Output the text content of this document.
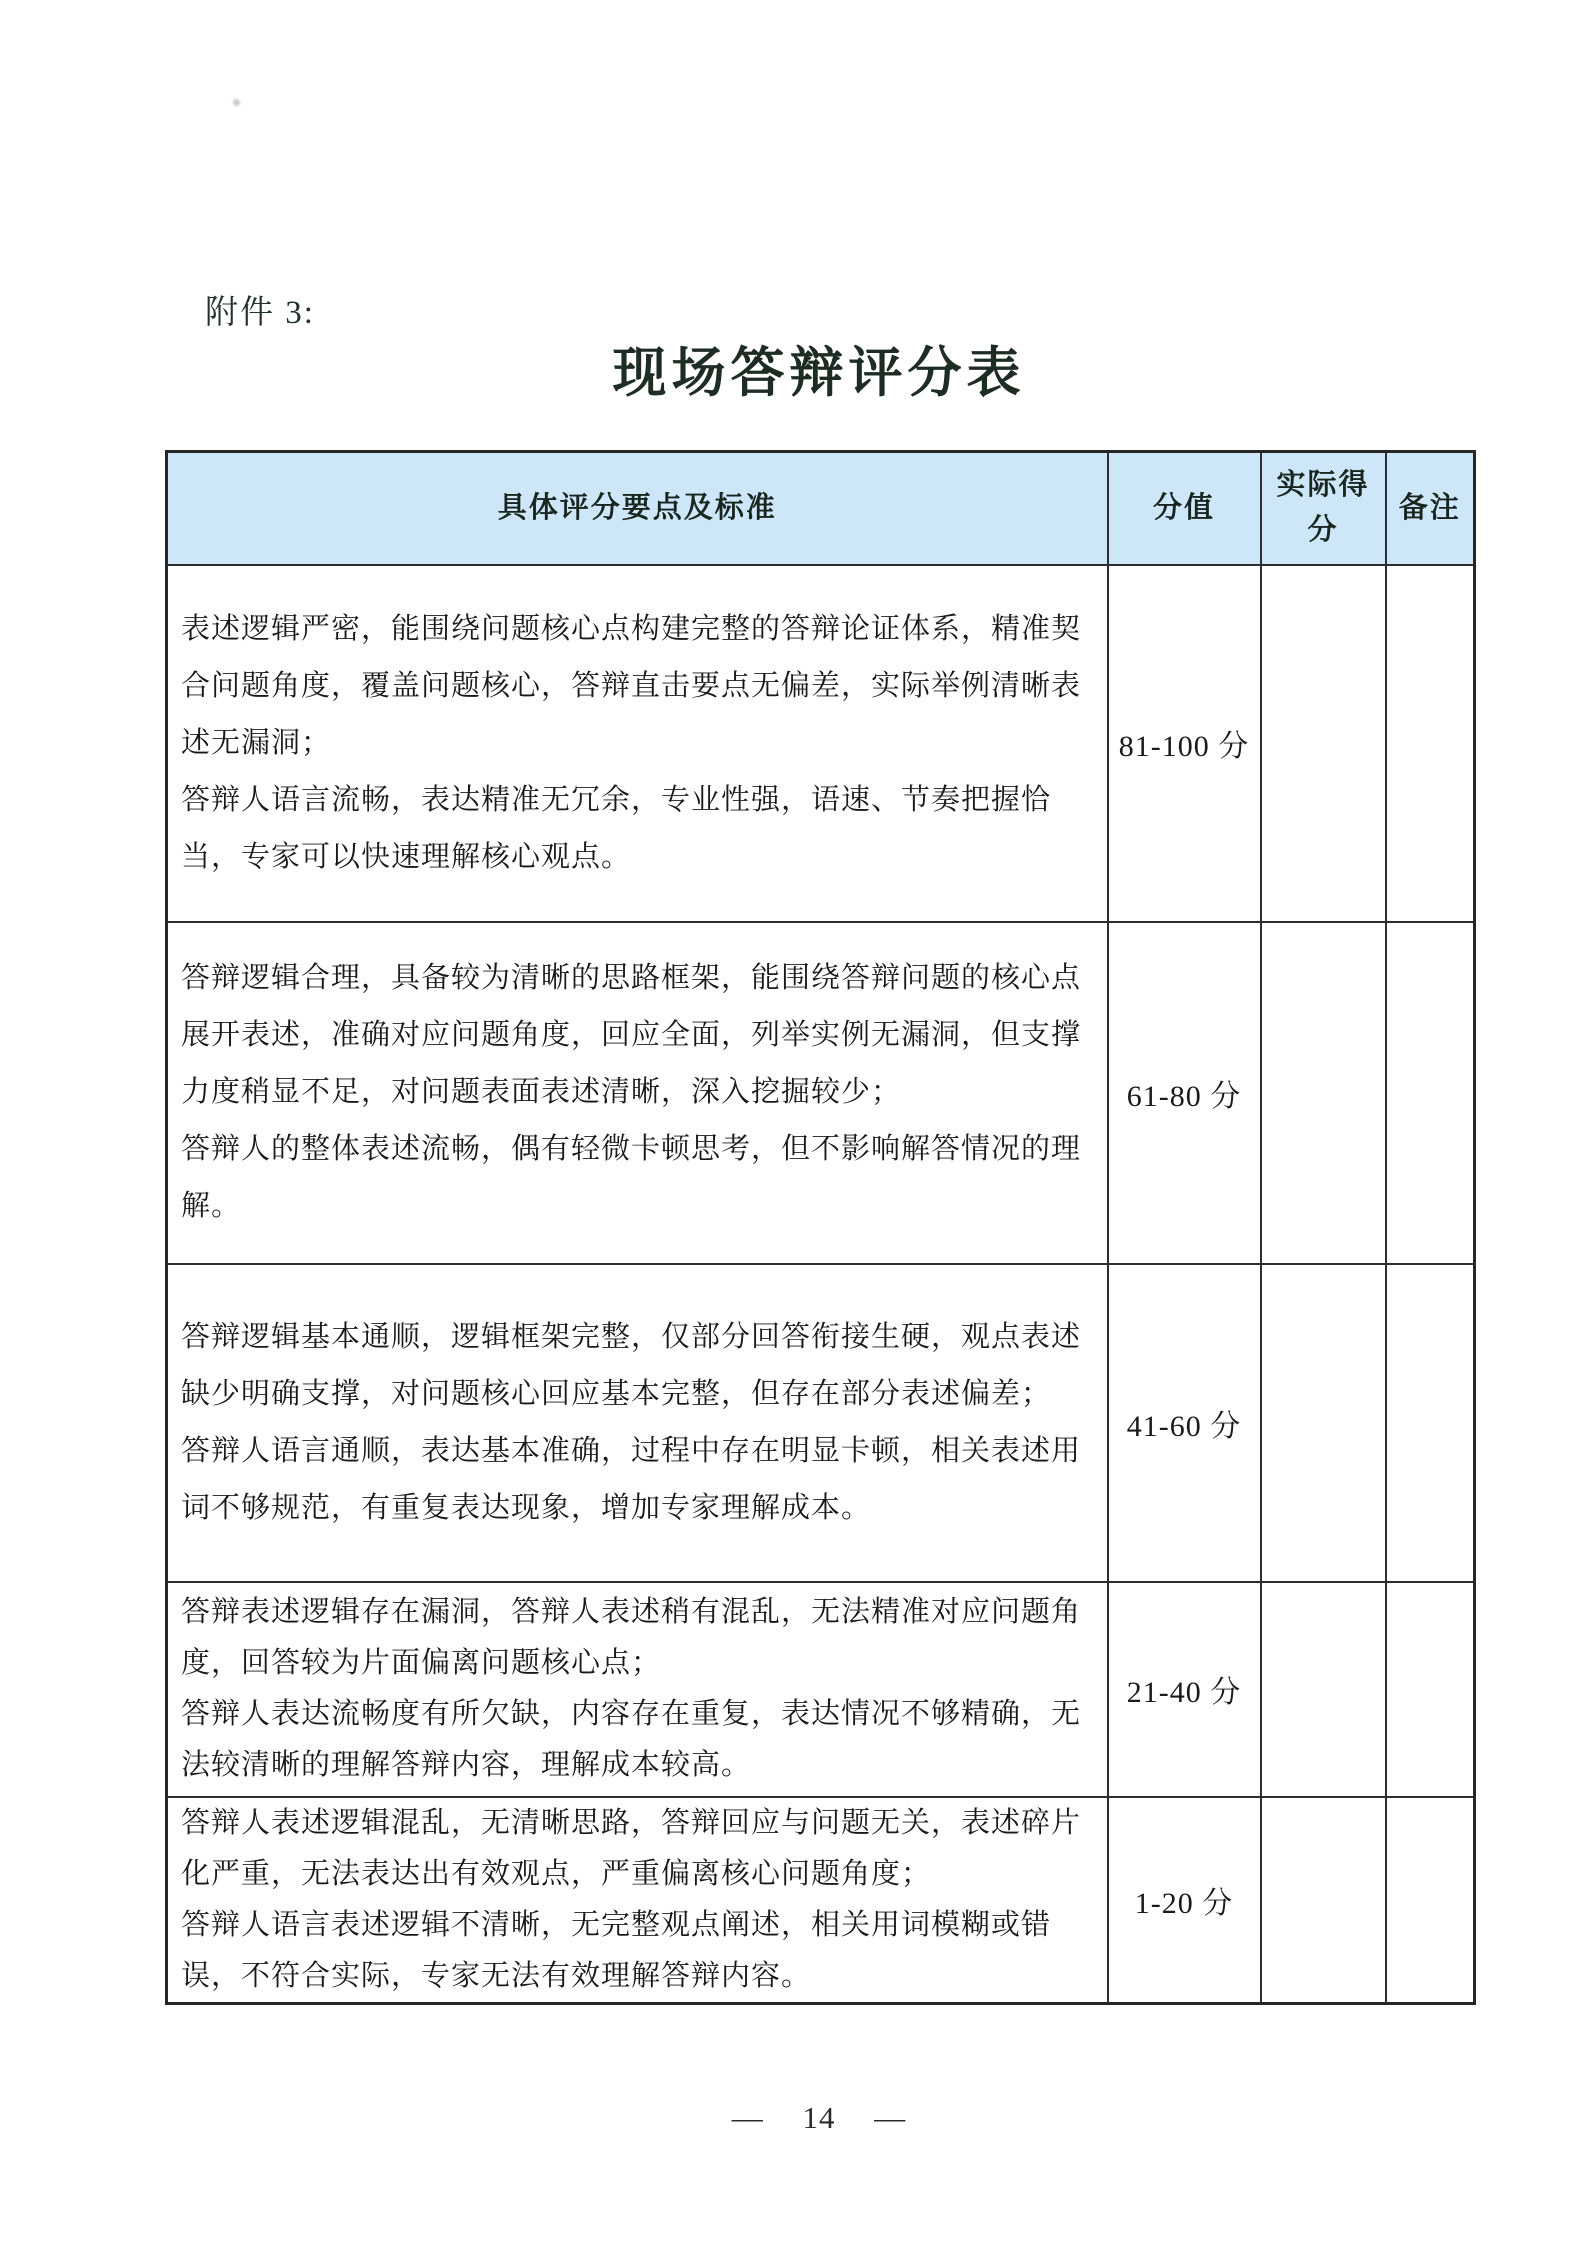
附件 3:
现场答辩评分表
具体评分要点及标准	分值	实际得分	备注

表述逻辑严密，能围绕问题核心点构建完整的答辩论证体系，精准契合问题角度，覆盖问题核心，答辩直击要点无偏差，实际举例清晰表述无漏洞；

答辩人语言流畅，表达精准无冗余，专业性强，语速、节奏把握恰当，专家可以快速理解核心观点。	81-100 分		

答辩逻辑合理，具备较为清晰的思路框架，能围绕答辩问题的核心点展开表述，准确对应问题角度，回应全面，列举实例无漏洞，但支撑力度稍显不足，对问题表面表述清晰，深入挖掘较少；

答辩人的整体表述流畅，偶有轻微卡顿思考，但不影响解答情况的理解。	61-80 分		

答辩逻辑基本通顺，逻辑框架完整，仅部分回答衔接生硬，观点表述缺少明确支撑，对问题核心回应基本完整，但存在部分表述偏差；

答辩人语言通顺，表达基本准确，过程中存在明显卡顿，相关表述用词不够规范，有重复表达现象，增加专家理解成本。	41-60 分		

答辩表述逻辑存在漏洞，答辩人表述稍有混乱，无法精准对应问题角度，回答较为片面偏离问题核心点；

答辩人表达流畅度有所欠缺，内容存在重复，表达情况不够精确，无法较清晰的理解答辩内容，理解成本较高。	21-40 分		

答辩人表述逻辑混乱，无清晰思路，答辩回应与问题无关，表述碎片化严重，无法表达出有效观点，严重偏离核心问题角度；

答辩人语言表述逻辑不清晰，无完整观点阐述，相关用词模糊或错误，不符合实际，专家无法有效理解答辩内容。	1-20 分		
— 14 —
